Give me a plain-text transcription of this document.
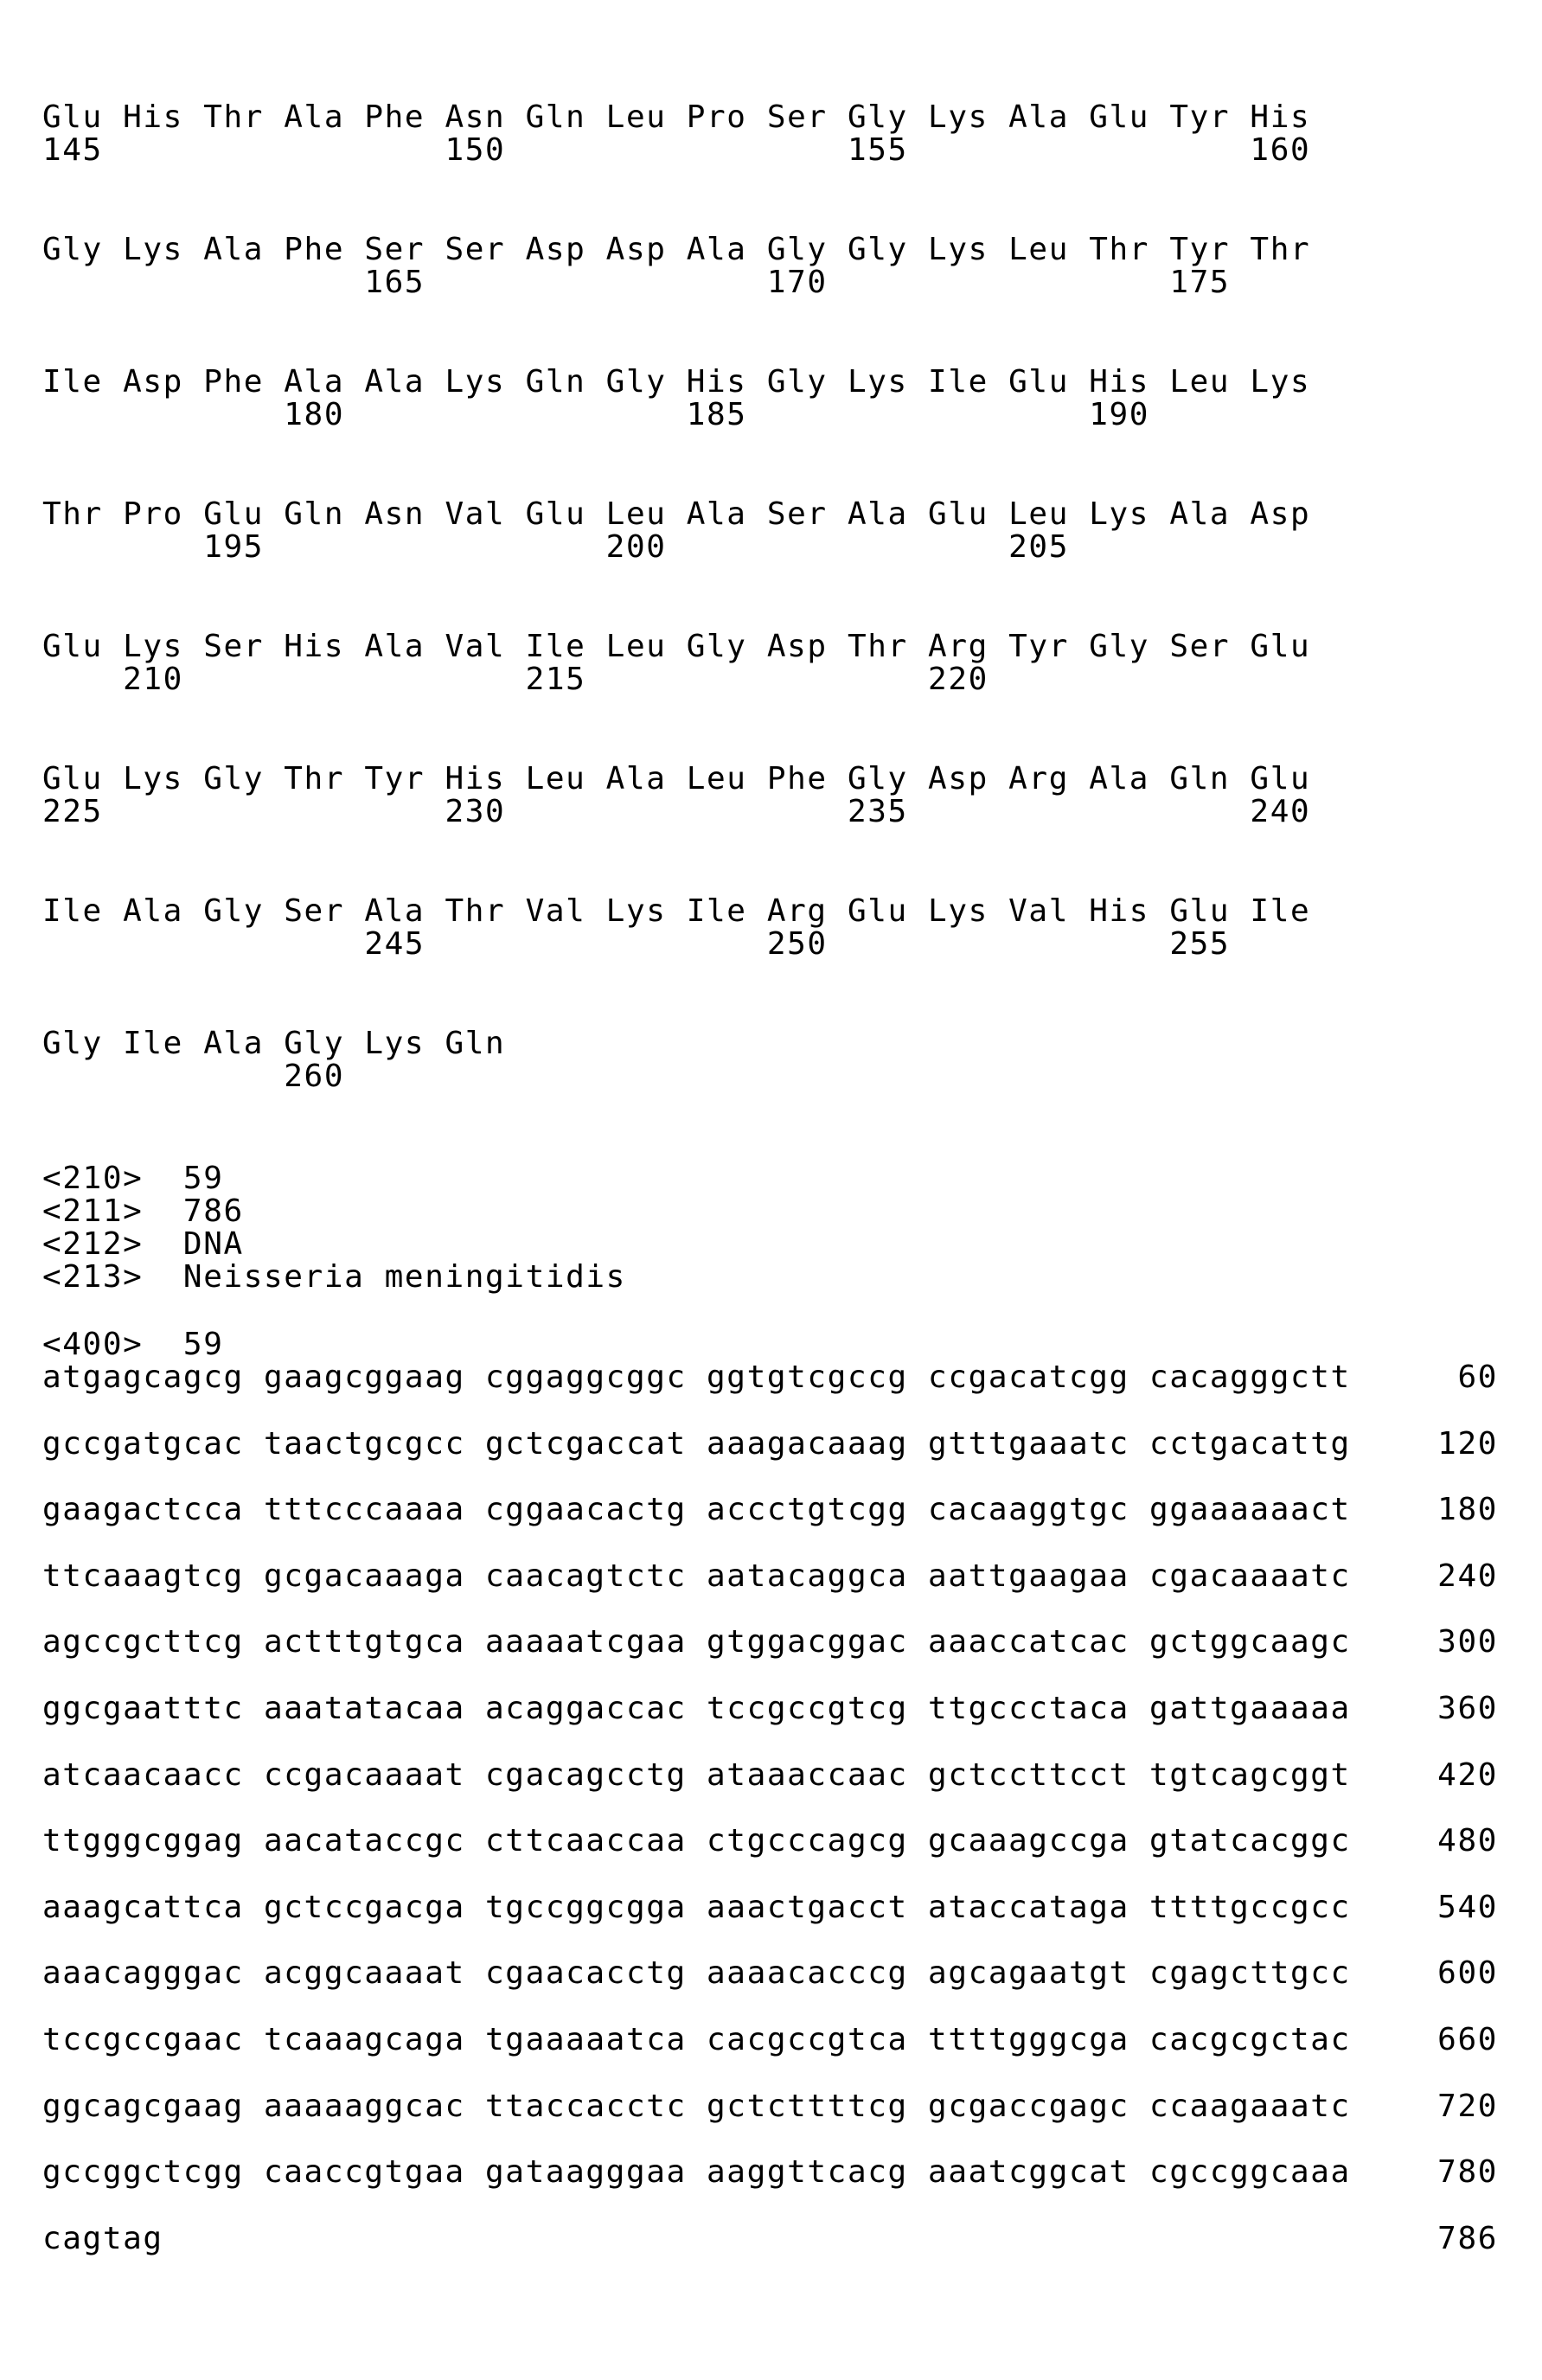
Glu His Thr Ala Phe Asn Gln Leu Pro Ser Gly Lys Ala Glu Tyr His
145                 150                 155                 160
Gly Lys Ala Phe Ser Ser Asp Asp Ala Gly Gly Lys Leu Thr Tyr Thr
165                 170                 175
Ile Asp Phe Ala Ala Lys Gln Gly His Gly Lys Ile Glu His Leu Lys
180                 185                 190
Thr Pro Glu Gln Asn Val Glu Leu Ala Ser Ala Glu Leu Lys Ala Asp
195                 200                 205
Glu Lys Ser His Ala Val Ile Leu Gly Asp Thr Arg Tyr Gly Ser Glu
210                 215                 220
Glu Lys Gly Thr Tyr His Leu Ala Leu Phe Gly Asp Arg Ala Gln Glu
225                 230                 235                 240
Ile Ala Gly Ser Ala Thr Val Lys Ile Arg Glu Lys Val His Glu Ile
245                 250                 255
Gly Ile Ala Gly Lys Gln
260
<210>  59
<211>  786
<212>  DNA
<213>  Neisseria meningitidis
<400>  59
atgagcagcg gaagcggaag cggaggcggc ggtgtcgccg ccgacatcgg cacagggctt	60
gccgatgcac taactgcgcc gctcgaccat aaagacaaag gtttgaaatc cctgacattg	120
gaagactcca tttcccaaaa cggaacactg accctgtcgg cacaaggtgc ggaaaaaact	180
ttcaaagtcg gcgacaaaga caacagtctc aatacaggca aattgaagaa cgacaaaatc	240
agccgcttcg actttgtgca aaaaatcgaa gtggacggac aaaccatcac gctggcaagc	300
ggcgaatttc aaatatacaa acaggaccac tccgccgtcg ttgccctaca gattgaaaaa	360
atcaacaacc ccgacaaaat cgacagcctg ataaaccaac gctccttcct tgtcagcggt	420
ttgggcggag aacataccgc cttcaaccaa ctgcccagcg gcaaagccga gtatcacggc	480
aaagcattca gctccgacga tgccggcgga aaactgacct ataccataga ttttgccgcc	540
aaacagggac acggcaaaat cgaacacctg aaaacacccg agcagaatgt cgagcttgcc	600
tccgccgaac tcaaagcaga tgaaaaatca cacgccgtca ttttgggcga cacgcgctac	660
ggcagcgaag aaaaaggcac ttaccacctc gctcttttcg gcgaccgagc ccaagaaatc	720
gccggctcgg caaccgtgaa gataagggaa aaggttcacg aaatcggcat cgccggcaaa	780
cagtag	786
